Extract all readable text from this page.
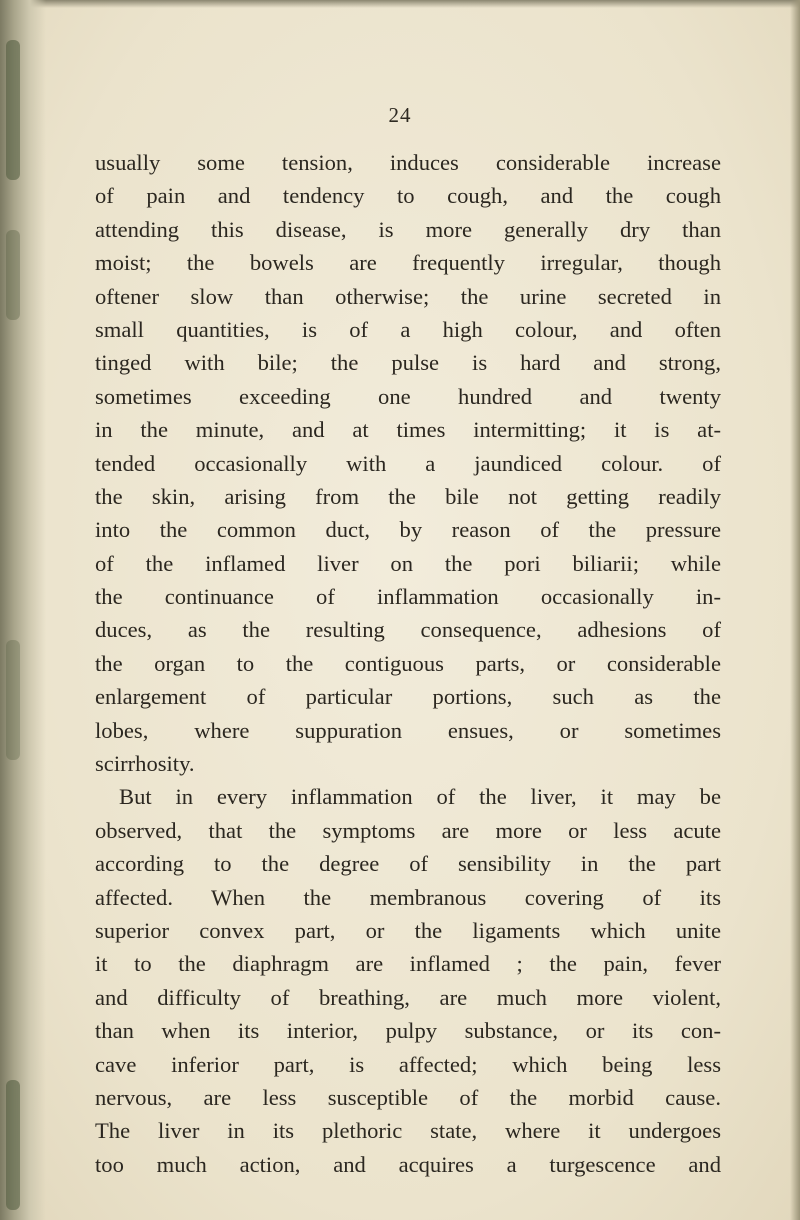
24
usually some tension, induces considerable increase
of pain and tendency to cough, and the cough
attending this disease, is more generally dry than
moist; the bowels are frequently irregular, though
oftener slow than otherwise; the urine secreted in
small quantities, is of a high colour, and often
tinged with bile; the pulse is hard and strong,
sometimes exceeding one hundred and twenty
in the minute, and at times intermitting; it is at-
tended occasionally with a jaundiced colour. of
the skin, arising from the bile not getting readily
into the common duct, by reason of the pressure
of the inflamed liver on the pori biliarii; while
the continuance of inflammation occasionally in-
duces, as the resulting consequence, adhesions of
the organ to the contiguous parts, or considerable
enlargement of particular portions, such as the
lobes, where suppuration ensues, or sometimes
scirrhosity.
But in every inflammation of the liver, it may be
observed, that the symptoms are more or less acute
according to the degree of sensibility in the part
affected. When the membranous covering of its
superior convex part, or the ligaments which unite
it to the diaphragm are inflamed ; the pain, fever
and difficulty of breathing, are much more violent,
than when its interior, pulpy substance, or its con-
cave inferior part, is affected; which being less
nervous, are less susceptible of the morbid cause.
The liver in its plethoric state, where it undergoes
too much action, and acquires a turgescence and
